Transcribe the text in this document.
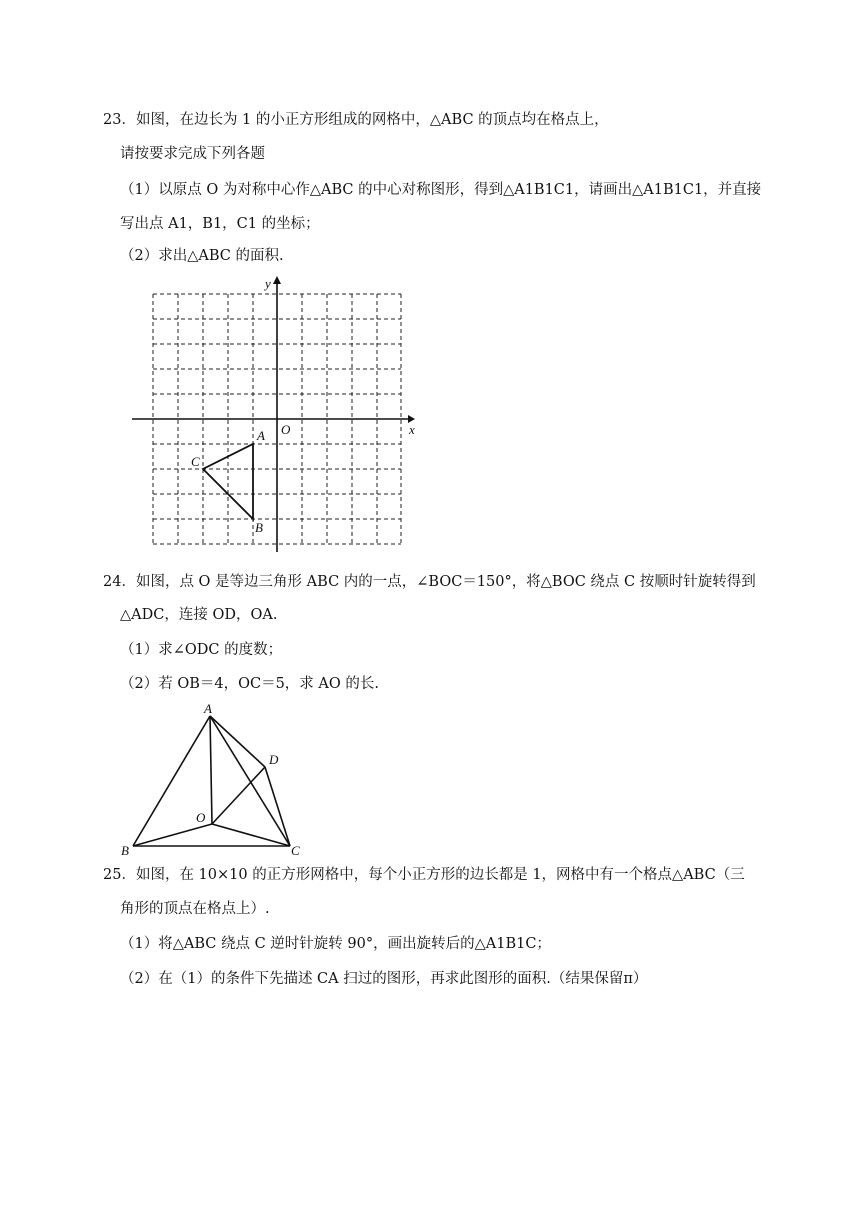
23．如图，在边长为 1 的小正方形组成的网格中，△ABC 的顶点均在格点上，
请按要求完成下列各题
（1）以原点 O 为对称中心作△ABC 的中心对称图形，得到△A1B1C1，请画出△A1B1C1，并直接
写出点 A1，B1，C1 的坐标；
（2）求出△ABC 的面积.
y
x
O
A
B
C
24．如图，点 O 是等边三角形 ABC 内的一点，∠BOC＝150°，将△BOC 绕点 C 按顺时针旋转得到
△ADC，连接 OD，OA.
（1）求∠ODC 的度数；
（2）若 OB＝4，OC＝5，求 AO 的长.
A
B	C
D
O
25．如图，在 10×10 的正方形网格中，每个小正方形的边长都是 1，网格中有一个格点△ABC（三
角形的顶点在格点上）.
（1）将△ABC 绕点 C 逆时针旋转 90°，画出旋转后的△A1B1C；
（2）在（1）的条件下先描述 CA 扫过的图形，再求此图形的面积.（结果保留π）
